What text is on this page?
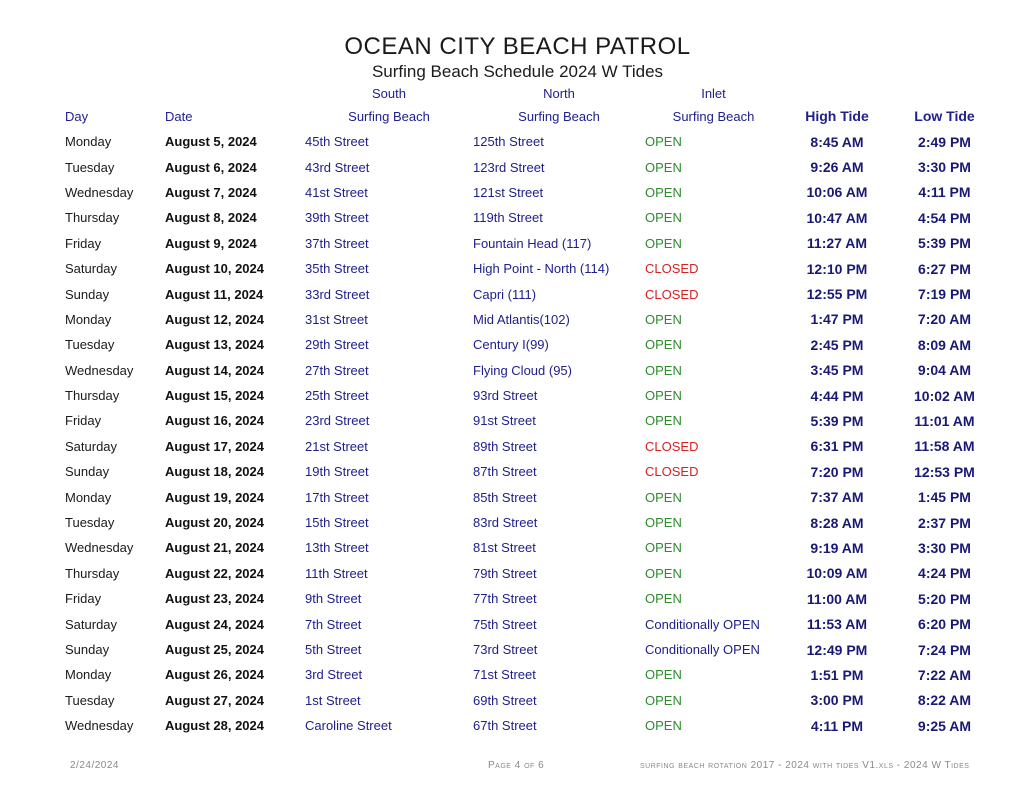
OCEAN CITY BEACH PATROL
Surfing Beach Schedule 2024 W Tides
South	North	Inlet
Day	Date	Surfing Beach	Surfing Beach	Surfing Beach	High Tide	Low Tide
Monday	August 5, 2024	45th Street	125th Street	OPEN	8:45 AM	2:49 PM
Tuesday	August 6, 2024	43rd Street	123rd Street	OPEN	9:26 AM	3:30 PM
Wednesday	August 7, 2024	41st Street	121st Street	OPEN	10:06 AM	4:11 PM
Thursday	August 8, 2024	39th Street	119th Street	OPEN	10:47 AM	4:54 PM
Friday	August 9, 2024	37th Street	Fountain Head (117)	OPEN	11:27 AM	5:39 PM
Saturday	August 10, 2024	35th Street	High Point - North (114)	CLOSED	12:10 PM	6:27 PM
Sunday	August 11, 2024	33rd Street	Capri (111)	CLOSED	12:55 PM	7:19 PM
Monday	August 12, 2024	31st Street	Mid Atlantis(102)	OPEN	1:47 PM	7:20 AM
Tuesday	August 13, 2024	29th Street	Century I(99)	OPEN	2:45 PM	8:09 AM
Wednesday	August 14, 2024	27th Street	Flying Cloud (95)	OPEN	3:45 PM	9:04 AM
Thursday	August 15, 2024	25th Street	93rd Street	OPEN	4:44 PM	10:02 AM
Friday	August 16, 2024	23rd Street	91st Street	OPEN	5:39 PM	11:01 AM
Saturday	August 17, 2024	21st Street	89th Street	CLOSED	6:31 PM	11:58 AM
Sunday	August 18, 2024	19th Street	87th Street	CLOSED	7:20 PM	12:53 PM
Monday	August 19, 2024	17th Street	85th Street	OPEN	7:37 AM	1:45 PM
Tuesday	August 20, 2024	15th Street	83rd Street	OPEN	8:28 AM	2:37 PM
Wednesday	August 21, 2024	13th Street	81st Street	OPEN	9:19 AM	3:30 PM
Thursday	August 22, 2024	11th Street	79th Street	OPEN	10:09 AM	4:24 PM
Friday	August 23, 2024	9th Street	77th Street	OPEN	11:00 AM	5:20 PM
Saturday	August 24, 2024	7th Street	75th Street	Conditionally OPEN	11:53 AM	6:20 PM
Sunday	August 25, 2024	5th Street	73rd Street	Conditionally OPEN	12:49 PM	7:24 PM
Monday	August 26, 2024	3rd Street	71st Street	OPEN	1:51 PM	7:22 AM
Tuesday	August 27, 2024	1st Street	69th Street	OPEN	3:00 PM	8:22 AM
Wednesday	August 28, 2024	Caroline Street	67th Street	OPEN	4:11 PM	9:25 AM
2/24/2024	Page 4 of 6	surfing beach rotation 2017 - 2024 with tides V1.xls - 2024 W Tides
